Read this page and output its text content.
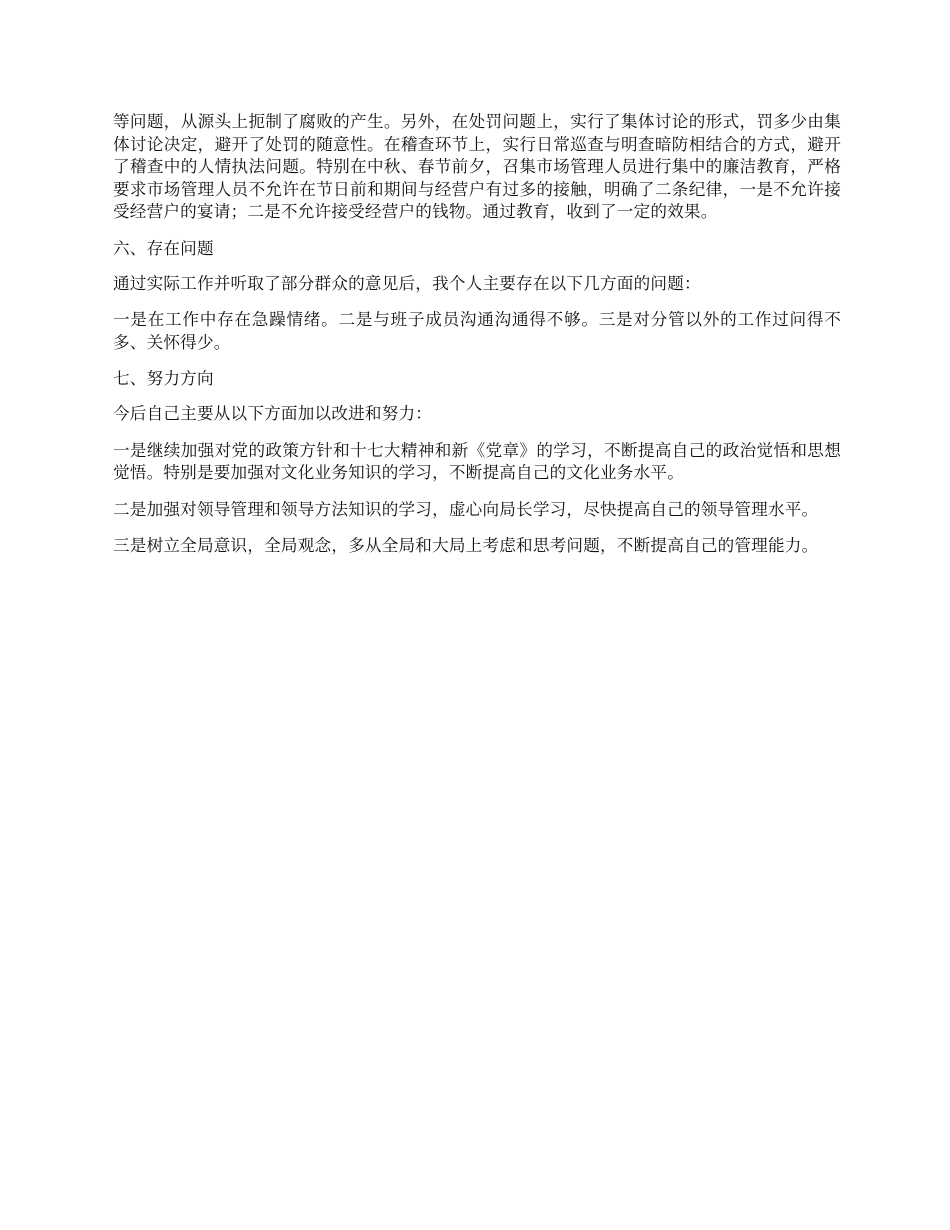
等问题，从源头上扼制了腐败的产生。另外，在处罚问题上，实行了集体讨论的形式，罚多少由集体讨论决定，避开了处罚的随意性。在稽查环节上，实行日常巡查与明查暗防相结合的方式，避开了稽查中的人情执法问题。特别在中秋、春节前夕，召集市场管理人员进行集中的廉洁教育，严格要求市场管理人员不允许在节日前和期间与经营户有过多的接触，明确了二条纪律，一是不允许接受经营户的宴请；二是不允许接受经营户的钱物。通过教育，收到了一定的效果。

六、存在问题

通过实际工作并听取了部分群众的意见后，我个人主要存在以下几方面的问题：

一是在工作中存在急躁情绪。二是与班子成员沟通沟通得不够。三是对分管以外的工作过问得不多、关怀得少。

七、努力方向

今后自己主要从以下方面加以改进和努力：

一是继续加强对党的政策方针和十七大精神和新《党章》的学习，不断提高自己的政治觉悟和思想觉悟。特别是要加强对文化业务知识的学习，不断提高自己的文化业务水平。

二是加强对领导管理和领导方法知识的学习，虚心向局长学习，尽快提高自己的领导管理水平。

三是树立全局意识，全局观念，多从全局和大局上考虑和思考问题，不断提高自己的管理能力。
